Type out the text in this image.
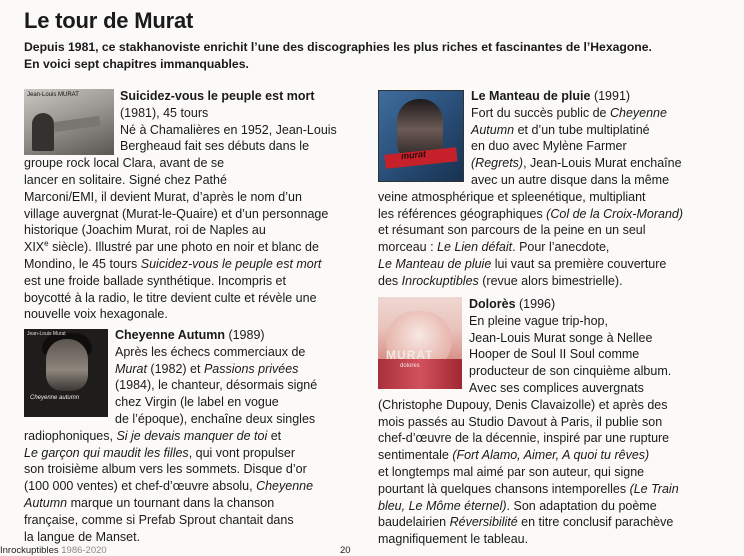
Le tour de Murat
Depuis 1981, ce stakhanoviste enrichit l’une des discographies les plus riches et fascinantes de l’Hexagone.
En voici sept chapitres immanquables.
Jean-Louis MURAT	Suicidez-vous le peuple est mort
(1981), 45 tours
Né à Chamalières en 1952, Jean-Louis
Bergheaud fait ses débuts dans le
groupe rock local Clara, avant de se
lancer en solitaire. Signé chez Pathé
Marconi/EMI, il devient Murat, d’après le nom d’un
village auvergnat (Murat-le-Quaire) et d’un personnage
historique (Joachim Murat, roi de Naples au
XIXe siècle). Illustré par une photo en noir et blanc de
Mondino, le 45 tours Suicidez-vous le peuple est mort
est une froide ballade synthétique. Incompris et
boycotté à la radio, le titre devient culte et révèle une
nouvelle voix hexagonale.
Jean-Louis Murat
Cheyenne autumn
Cheyenne Autumn (1989)
Après les échecs commerciaux de
Murat (1982) et Passions privées
(1984), le chanteur, désormais signé
chez Virgin (le label en vogue
de l’époque), enchaîne deux singles
radiophoniques, Si je devais manquer de toi et
Le garçon qui maudit les filles, qui vont propulser
son troisième album vers les sommets. Disque d’or
(100 000 ventes) et chef-d’œuvre absolu, Cheyenne
Autumn marque un tournant dans la chanson
française, comme si Prefab Sprout chantait dans
la langue de Manset.
murat
Le Manteau de pluie (1991)
Fort du succès public de Cheyenne
Autumn et d’un tube multiplatiné
en duo avec Mylène Farmer
(Regrets), Jean-Louis Murat enchaîne
avec un autre disque dans la même
veine atmosphérique et spleenétique, multipliant
les références géographiques (Col de la Croix-Morand)
et résumant son parcours de la peine en un seul
morceau : Le Lien défait. Pour l’anecdote,
Le Manteau de pluie lui vaut sa première couverture
des Inrockuptibles (revue alors bimestrielle).
MURAT
dolores
Dolorès (1996)
En pleine vague trip-hop,
Jean-Louis Murat songe à Nellee
Hooper de Soul II Soul comme
producteur de son cinquième album.
Avec ses complices auvergnats
(Christophe Dupouy, Denis Clavaizolle) et après des
mois passés au Studio Davout à Paris, il publie son
chef-d’œuvre de la décennie, inspiré par une rupture
sentimentale (Fort Alamo, Aimer, A quoi tu rêves)
et longtemps mal aimé par son auteur, qui signe
pourtant là quelques chansons intemporelles (Le Train
bleu, Le Môme éternel). Son adaptation du poème
baudelairien Réversibilité en titre conclusif parachève
magnifiquement le tableau.
Inrockuptibles 1986-2020	20
